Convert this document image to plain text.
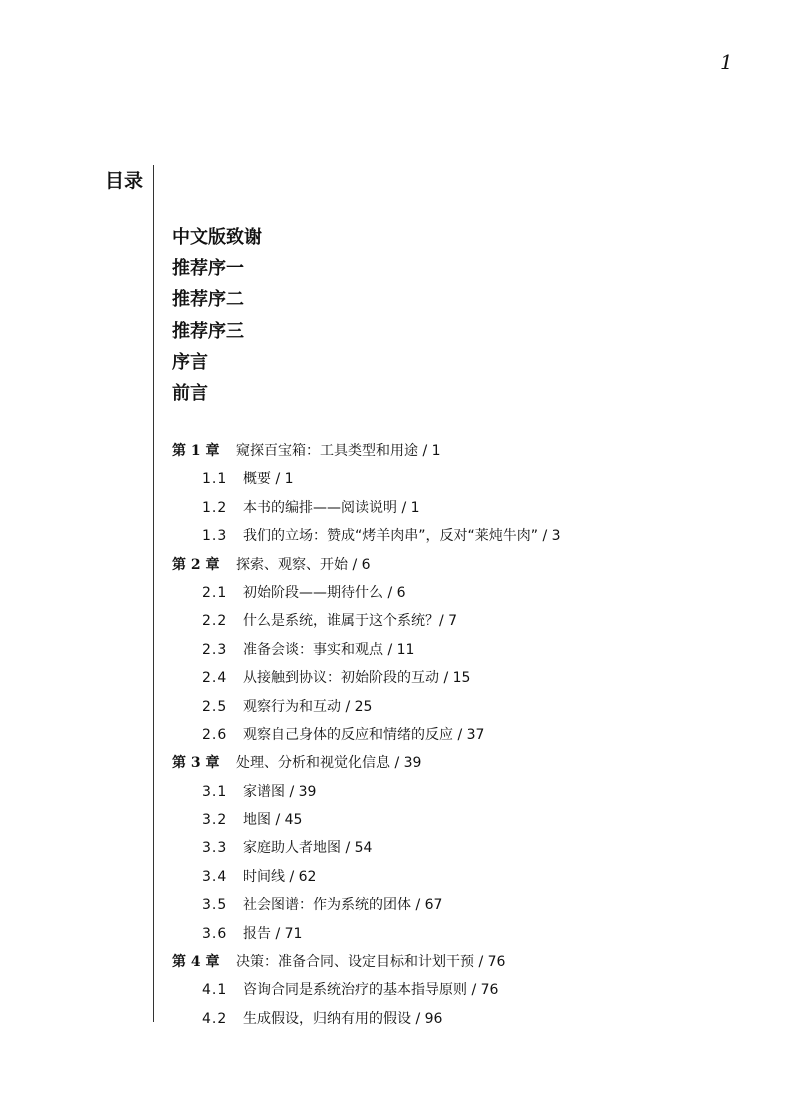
1
目录
中文版致谢
推荐序一
推荐序二
推荐序三
序言
前言
第 1 章 窥探百宝箱：工具类型和用途 / 1
1.1 概要 / 1
1.2 本书的编排——阅读说明 / 1
1.3 我们的立场：赞成“烤羊肉串”，反对“莱炖牛肉” / 3
第 2 章 探索、观察、开始 / 6
2.1 初始阶段——期待什么 / 6
2.2 什么是系统，谁属于这个系统？/ 7
2.3 准备会谈：事实和观点 / 11
2.4 从接触到协议：初始阶段的互动 / 15
2.5 观察行为和互动 / 25
2.6 观察自己身体的反应和情绪的反应 / 37
第 3 章 处理、分析和视觉化信息 / 39
3.1 家谱图 / 39
3.2 地图 / 45
3.3 家庭助人者地图 / 54
3.4 时间线 / 62
3.5 社会图谱：作为系统的团体 / 67
3.6 报告 / 71
第 4 章 决策：准备合同、设定目标和计划干预 / 76
4.1 咨询合同是系统治疗的基本指导原则 / 76
4.2 生成假设，归纳有用的假设 / 96
